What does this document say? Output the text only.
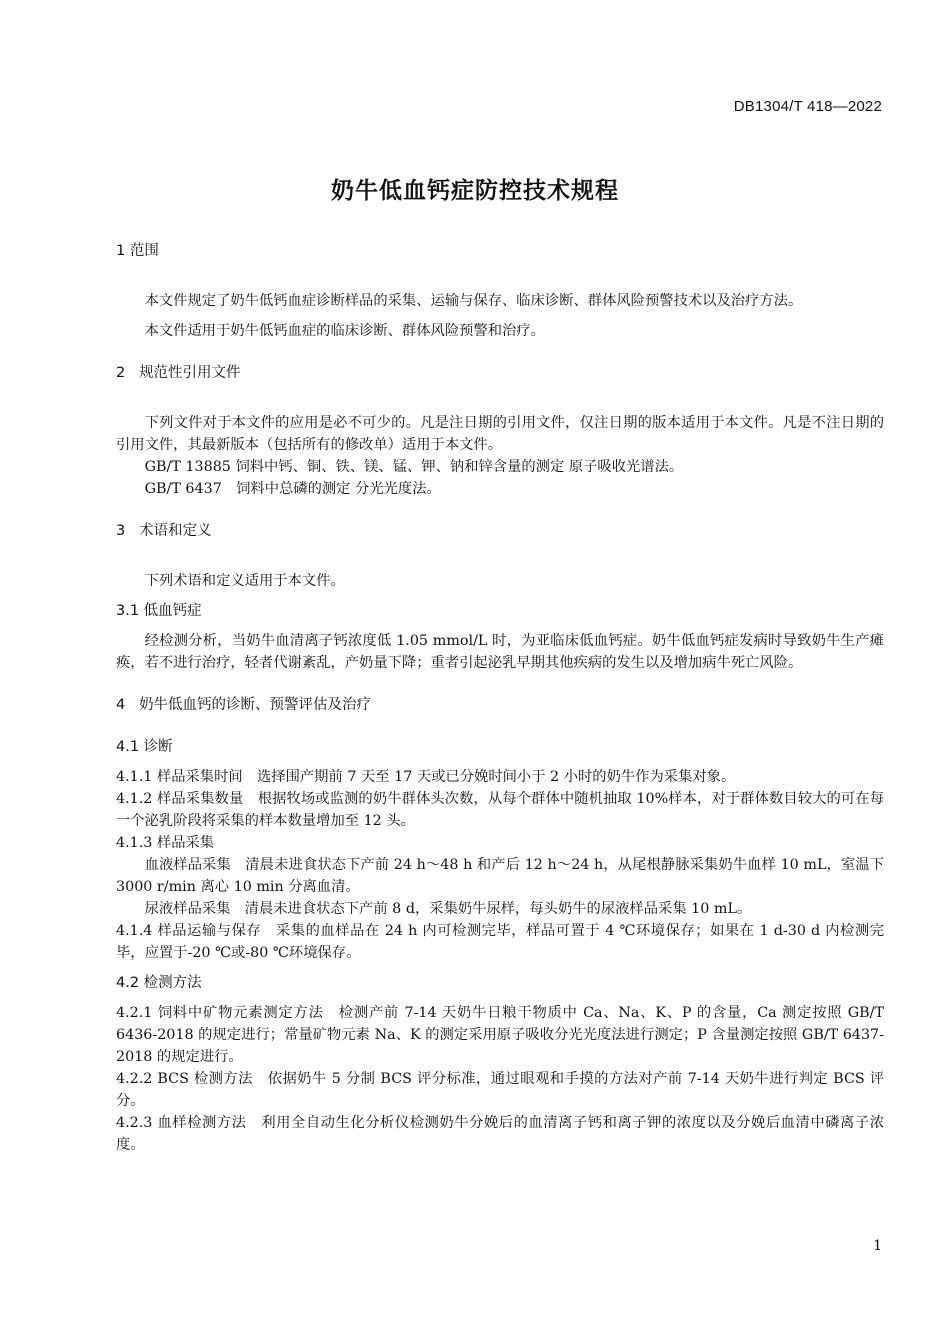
DB1304/T 418—2022
奶牛低血钙症防控技术规程
1 范围

本文件规定了奶牛低钙血症诊断样品的采集、运输与保存、临床诊断、群体风险预警技术以及治疗方法。

本文件适用于奶牛低钙血症的临床诊断、群体风险预警和治疗。

2 规范性引用文件

下列文件对于本文件的应用是必不可少的。凡是注日期的引用文件，仅注日期的版本适用于本文件。凡是不注日期的引用文件，其最新版本（包括所有的修改单）适用于本文件。

GB/T 13885 饲料中钙、铜、铁、镁、锰、钾、钠和锌含量的测定 原子吸收光谱法。

GB/T 6437　饲料中总磷的测定 分光光度法。

3 术语和定义

下列术语和定义适用于本文件。

3.1 低血钙症

经检测分析，当奶牛血清离子钙浓度低 1.05 mmol/L 时，为亚临床低血钙症。奶牛低血钙症发病时导致奶牛生产瘫痪，若不进行治疗，轻者代谢紊乱，产奶量下降；重者引起泌乳早期其他疾病的发生以及增加病牛死亡风险。

4 奶牛低血钙的诊断、预警评估及治疗
4.1 诊断

4.1.1 样品采集时间　选择围产期前 7 天至 17 天或已分娩时间小于 2 小时的奶牛作为采集对象。

4.1.2 样品采集数量　根据牧场或监测的奶牛群体头次数，从每个群体中随机抽取 10%样本，对于群体数目较大的可在每一个泌乳阶段将采集的样本数量增加至 12 头。

4.1.3 样品采集

血液样品采集　清晨未进食状态下产前 24 h～48 h 和产后 12 h～24 h，从尾根静脉采集奶牛血样 10 mL，室温下 3000 r/min 离心 10 min 分离血清。

尿液样品采集　清晨未进食状态下产前 8 d，采集奶牛尿样，每头奶牛的尿液样品采集 10 mL。

4.1.4 样品运输与保存　采集的血样品在 24 h 内可检测完毕，样品可置于 4 ℃环境保存；如果在 1 d-30 d 内检测完毕，应置于-20 ℃或-80 ℃环境保存。

4.2 检测方法

4.2.1 饲料中矿物元素测定方法　检测产前 7-14 天奶牛日粮干物质中 Ca、Na、K、P 的含量，Ca 测定按照 GB/T 6436-2018 的规定进行；常量矿物元素 Na、K 的测定采用原子吸收分光光度法进行测定；P 含量测定按照 GB/T 6437-2018 的规定进行。

4.2.2 BCS 检测方法　依据奶牛 5 分制 BCS 评分标准，通过眼观和手摸的方法对产前 7-14 天奶牛进行判定 BCS 评分。

4.2.3 血样检测方法　利用全自动生化分析仪检测奶牛分娩后的血清离子钙和离子钾的浓度以及分娩后血清中磷离子浓度。

1
